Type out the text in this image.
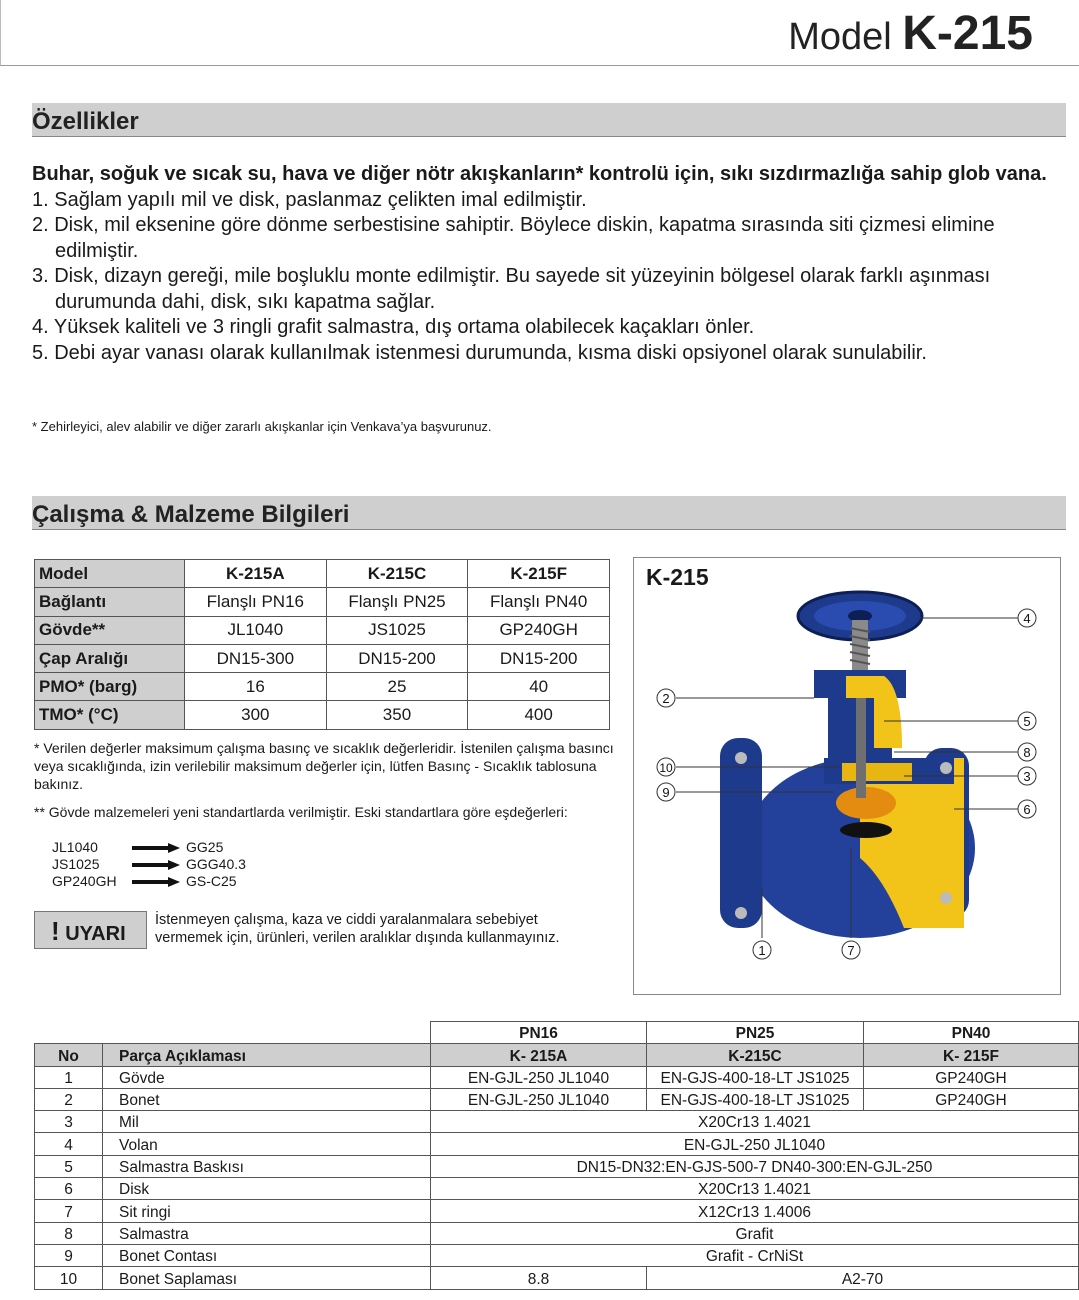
Model K-215
Özellikler
Buhar, soğuk ve sıcak su, hava ve diğer nötr akışkanların* kontrolü için, sıkı sızdırmazlığa sahip glob vana.
1. Sağlam yapılı mil ve disk, paslanmaz çelikten imal edilmiştir.
2. Disk, mil eksenine göre dönme serbestisine sahiptir. Böylece diskin, kapatma sırasında siti çizmesi elimine edilmiştir.
3. Disk, dizayn gereği, mile boşluklu monte edilmiştir. Bu sayede sit yüzeyinin bölgesel olarak farklı aşınması durumunda dahi, disk, sıkı kapatma sağlar.
4. Yüksek kaliteli ve 3 ringli grafit salmastra, dış ortama olabilecek kaçakları önler.
5. Debi ayar vanası olarak kullanılmak istenmesi durumunda, kısma diski opsiyonel olarak sunulabilir.
* Zehirleyici, alev alabilir ve diğer zararlı akışkanlar için Venkava’ya başvurunuz.
Çalışma & Malzeme Bilgileri
Model	K-215A	K-215C	K-215F
Bağlantı	Flanşlı PN16	Flanşlı PN25	Flanşlı PN40
Gövde**	JL1040	JS1025	GP240GH
Çap Aralığı	DN15-300	DN15-200	DN15-200
PMO* (barg)	16	25	40
TMO* (°C)	300	350	400
* Verilen değerler maksimum çalışma basınç ve sıcaklık değerleridir. İstenilen çalışma basıncı veya sıcaklığında, izin verilebilir maksimum değerler için, lütfen Basınç - Sıcaklık tablosuna bakınız.
** Gövde malzemeleri yeni standartlarda verilmiştir. Eski standartlara göre eşdeğerleri:
JL1040	GG25
JS1025	GGG40.3
GP240GH	GS-C25
! UYARI
İstenmeyen çalışma, kaza ve ciddi yaralanmalara sebebiyet vermemek için, ürünleri, verilen aralıklar dışında kullanmayınız.
K-215
2
10
9
1	7
4
5
8
3
6
		PN16	PN25	PN40
No	Parça Açıklaması	K- 215A	K-215C	K- 215F
1	Gövde	EN-GJL-250 JL1040	EN-GJS-400-18-LT JS1025	GP240GH
2	Bonet	EN-GJL-250 JL1040	EN-GJS-400-18-LT JS1025	GP240GH
3	Mil	X20Cr13 1.4021		
4	Volan	EN-GJL-250 JL1040		
5	Salmastra Baskısı	DN15-DN32:EN-GJS-500-7 DN40-300:EN-GJL-250		
6	Disk	X20Cr13 1.4021		
7	Sit ringi	X12Cr13 1.4006		
8	Salmastra	Grafit		
9	Bonet Contası	Grafit - CrNiSt		
10	Bonet Saplaması	8.8	A2-70	
